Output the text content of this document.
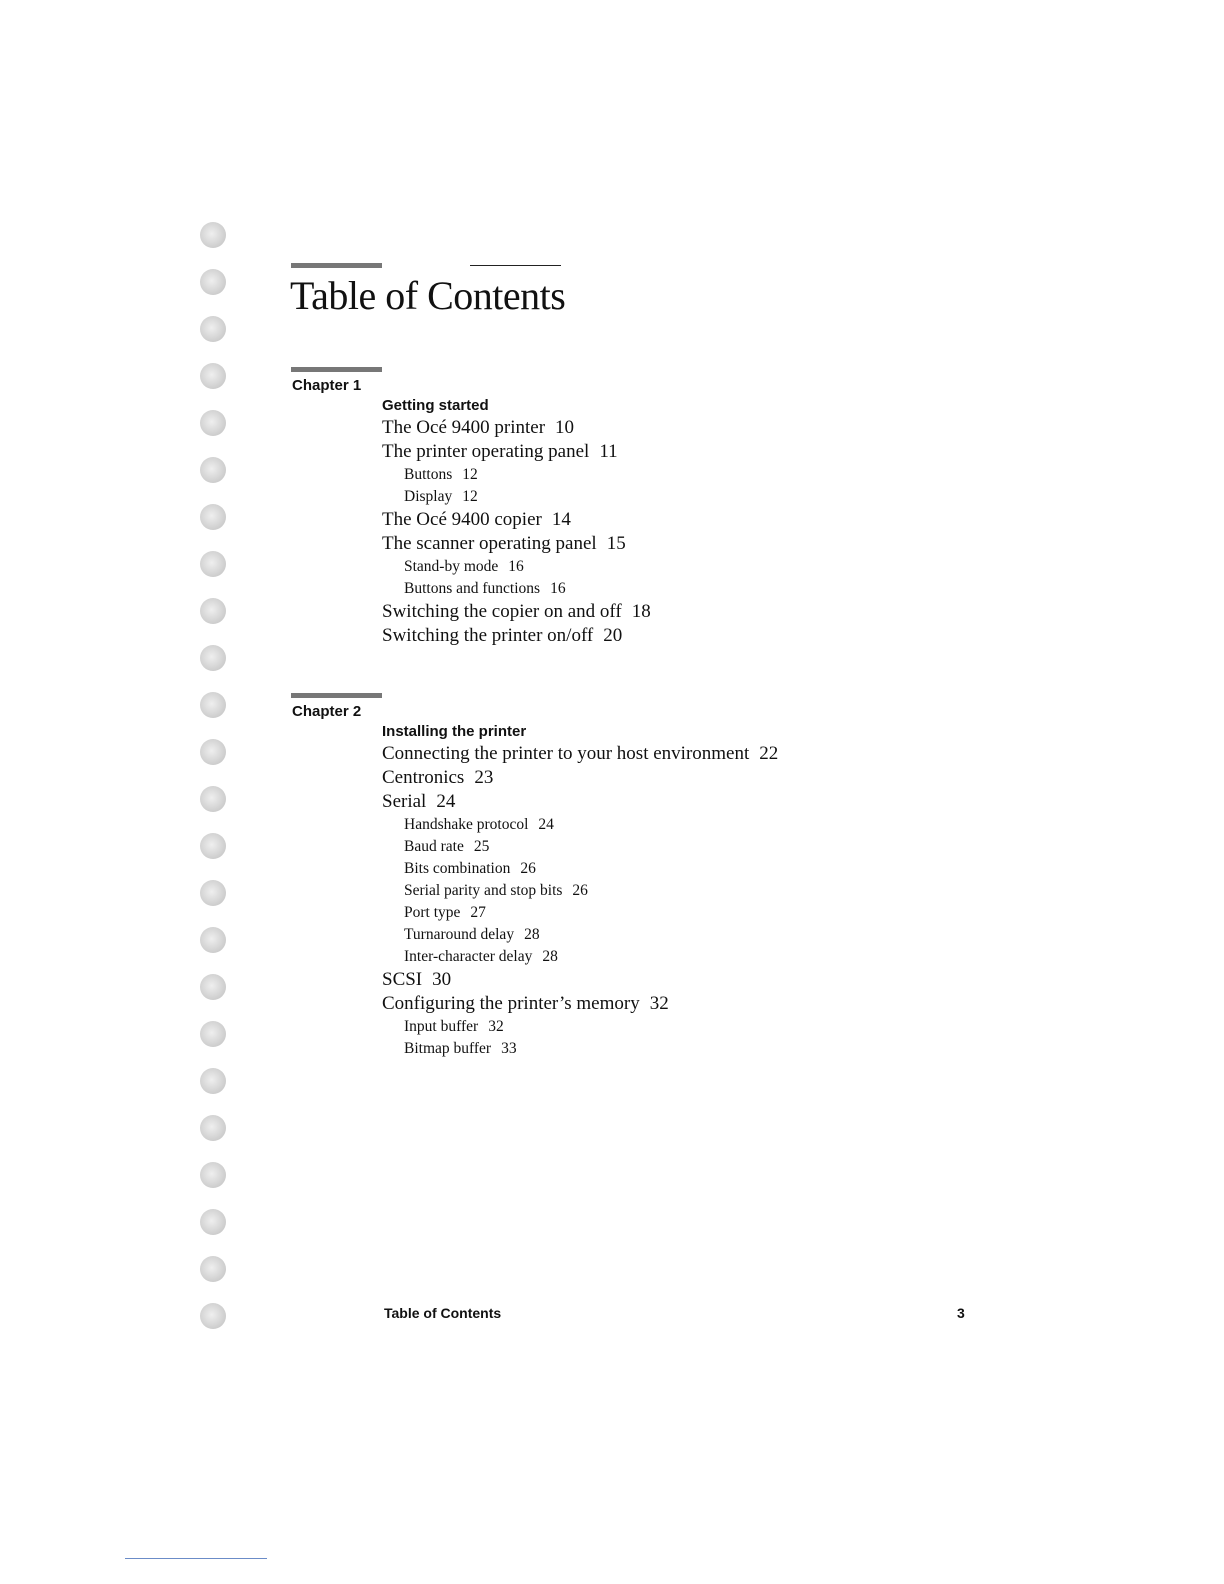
Table of Contents
Chapter 1
Getting started
The Océ 9400 printer 10
The printer operating panel 11
Buttons 12
Display 12
The Océ 9400 copier 14
The scanner operating panel 15
Stand-by mode 16
Buttons and functions 16
Switching the copier on and off 18
Switching the printer on/off 20
Chapter 2
Installing the printer
Connecting the printer to your host environment 22
Centronics 23
Serial 24
Handshake protocol 24
Baud rate 25
Bits combination 26
Serial parity and stop bits 26
Port type 27
Turnaround delay 28
Inter-character delay 28
SCSI 30
Configuring the printer’s memory 32
Input buffer 32
Bitmap buffer 33
Table of Contents	3
